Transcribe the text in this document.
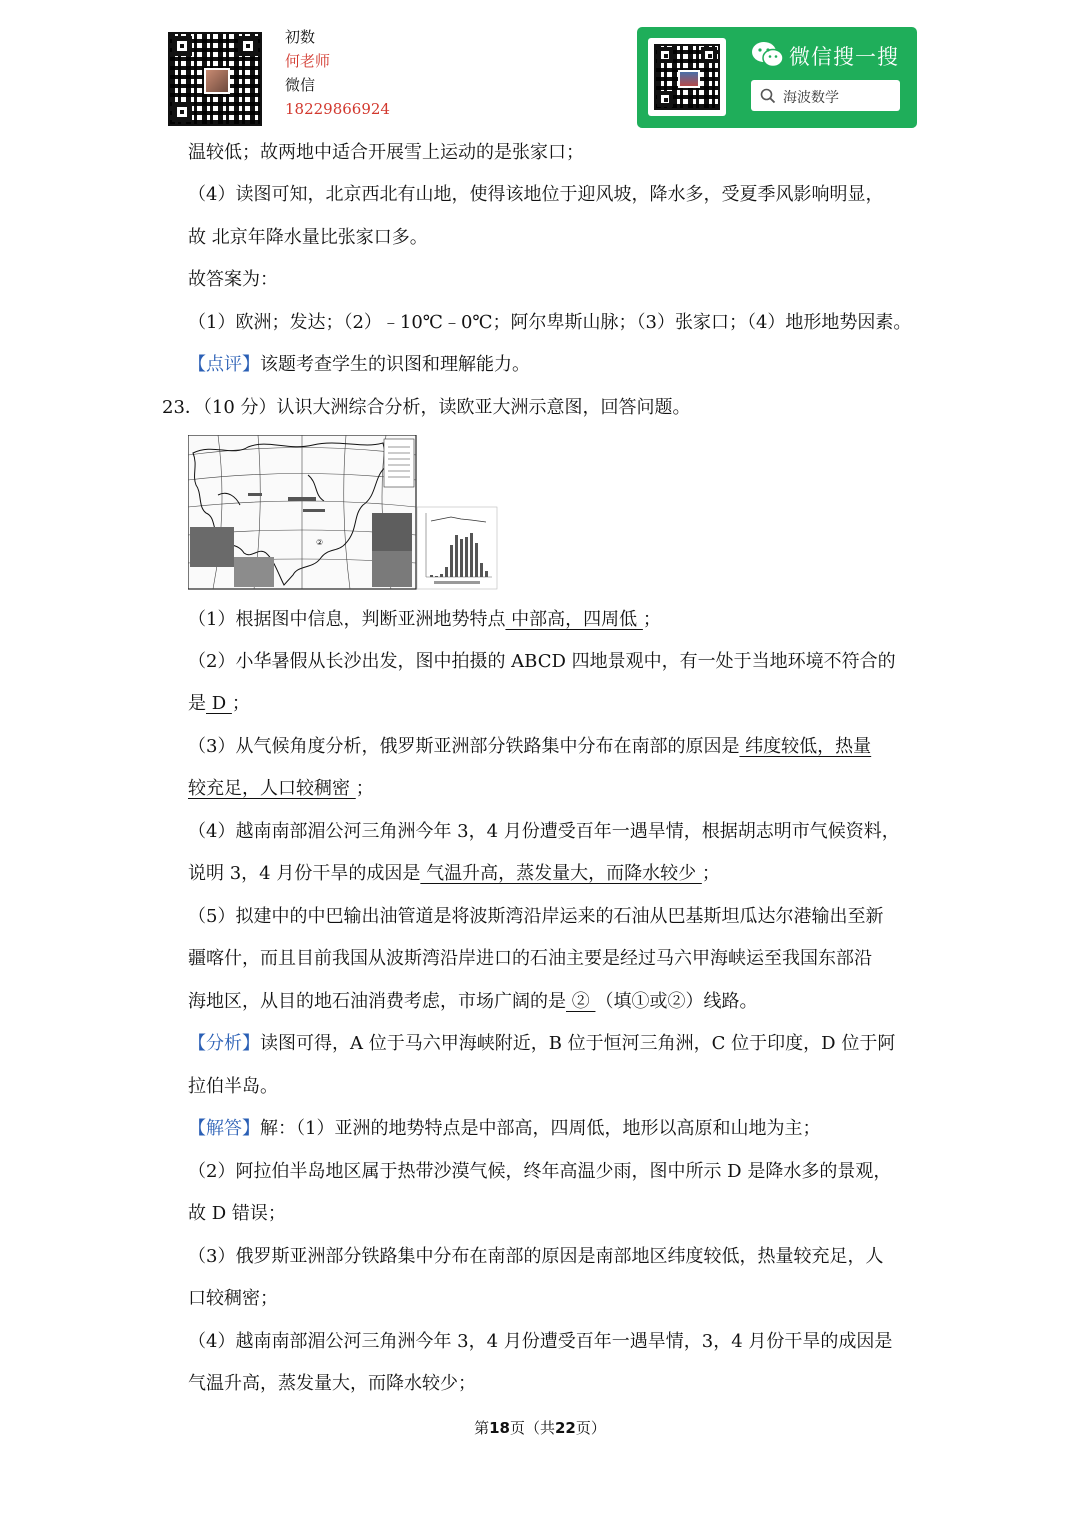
初数
何老师
微信
18229866924
微信搜一搜
海波数学
温较低；故两地中适合开展雪上运动的是张家口；
（4）读图可知，北京西北有山地，使得该地位于迎风坡，降水多，受夏季风影响明显，
故 北京年降水量比张家口多。
故答案为：
（1）欧洲；发达；（2）﹣10℃﹣0℃；阿尔卑斯山脉；（3）张家口；（4）地形地势因素。
【点评】该题考查学生的识图和理解能力。
23．（10 分）认识大洲综合分析，读欧亚大洲示意图，回答问题。
②
（1）根据图中信息，判断亚洲地势特点 中部高，四周低 ；
（2）小华暑假从长沙出发，图中拍摄的 ABCD 四地景观中，有一处于当地环境不符合的
是 D ；
（3）从气候角度分析，俄罗斯亚洲部分铁路集中分布在南部的原因是 纬度较低，热量
较充足，人口较稠密 ；
（4）越南南部湄公河三角洲今年 3，4 月份遭受百年一遇旱情，根据胡志明市气候资料，
说明 3，4 月份干旱的成因是 气温升高，蒸发量大，而降水较少 ；
（5）拟建中的中巴输出油管道是将波斯湾沿岸运来的石油从巴基斯坦瓜达尔港输出至新
疆喀什，而且目前我国从波斯湾沿岸进口的石油主要是经过马六甲海峡运至我国东部沿
海地区，从目的地石油消费考虑，市场广阔的是 ② （填①或②）线路。
【分析】读图可得，A 位于马六甲海峡附近，B 位于恒河三角洲，C 位于印度，D 位于阿
拉伯半岛。
【解答】解：（1）亚洲的地势特点是中部高，四周低，地形以高原和山地为主；
（2）阿拉伯半岛地区属于热带沙漠气候，终年高温少雨，图中所示 D 是降水多的景观，
故 D 错误；
（3）俄罗斯亚洲部分铁路集中分布在南部的原因是南部地区纬度较低，热量较充足，人
口较稠密；
（4）越南南部湄公河三角洲今年 3，4 月份遭受百年一遇旱情，3，4 月份干旱的成因是
气温升高，蒸发量大，而降水较少；
第18页（共22页）
